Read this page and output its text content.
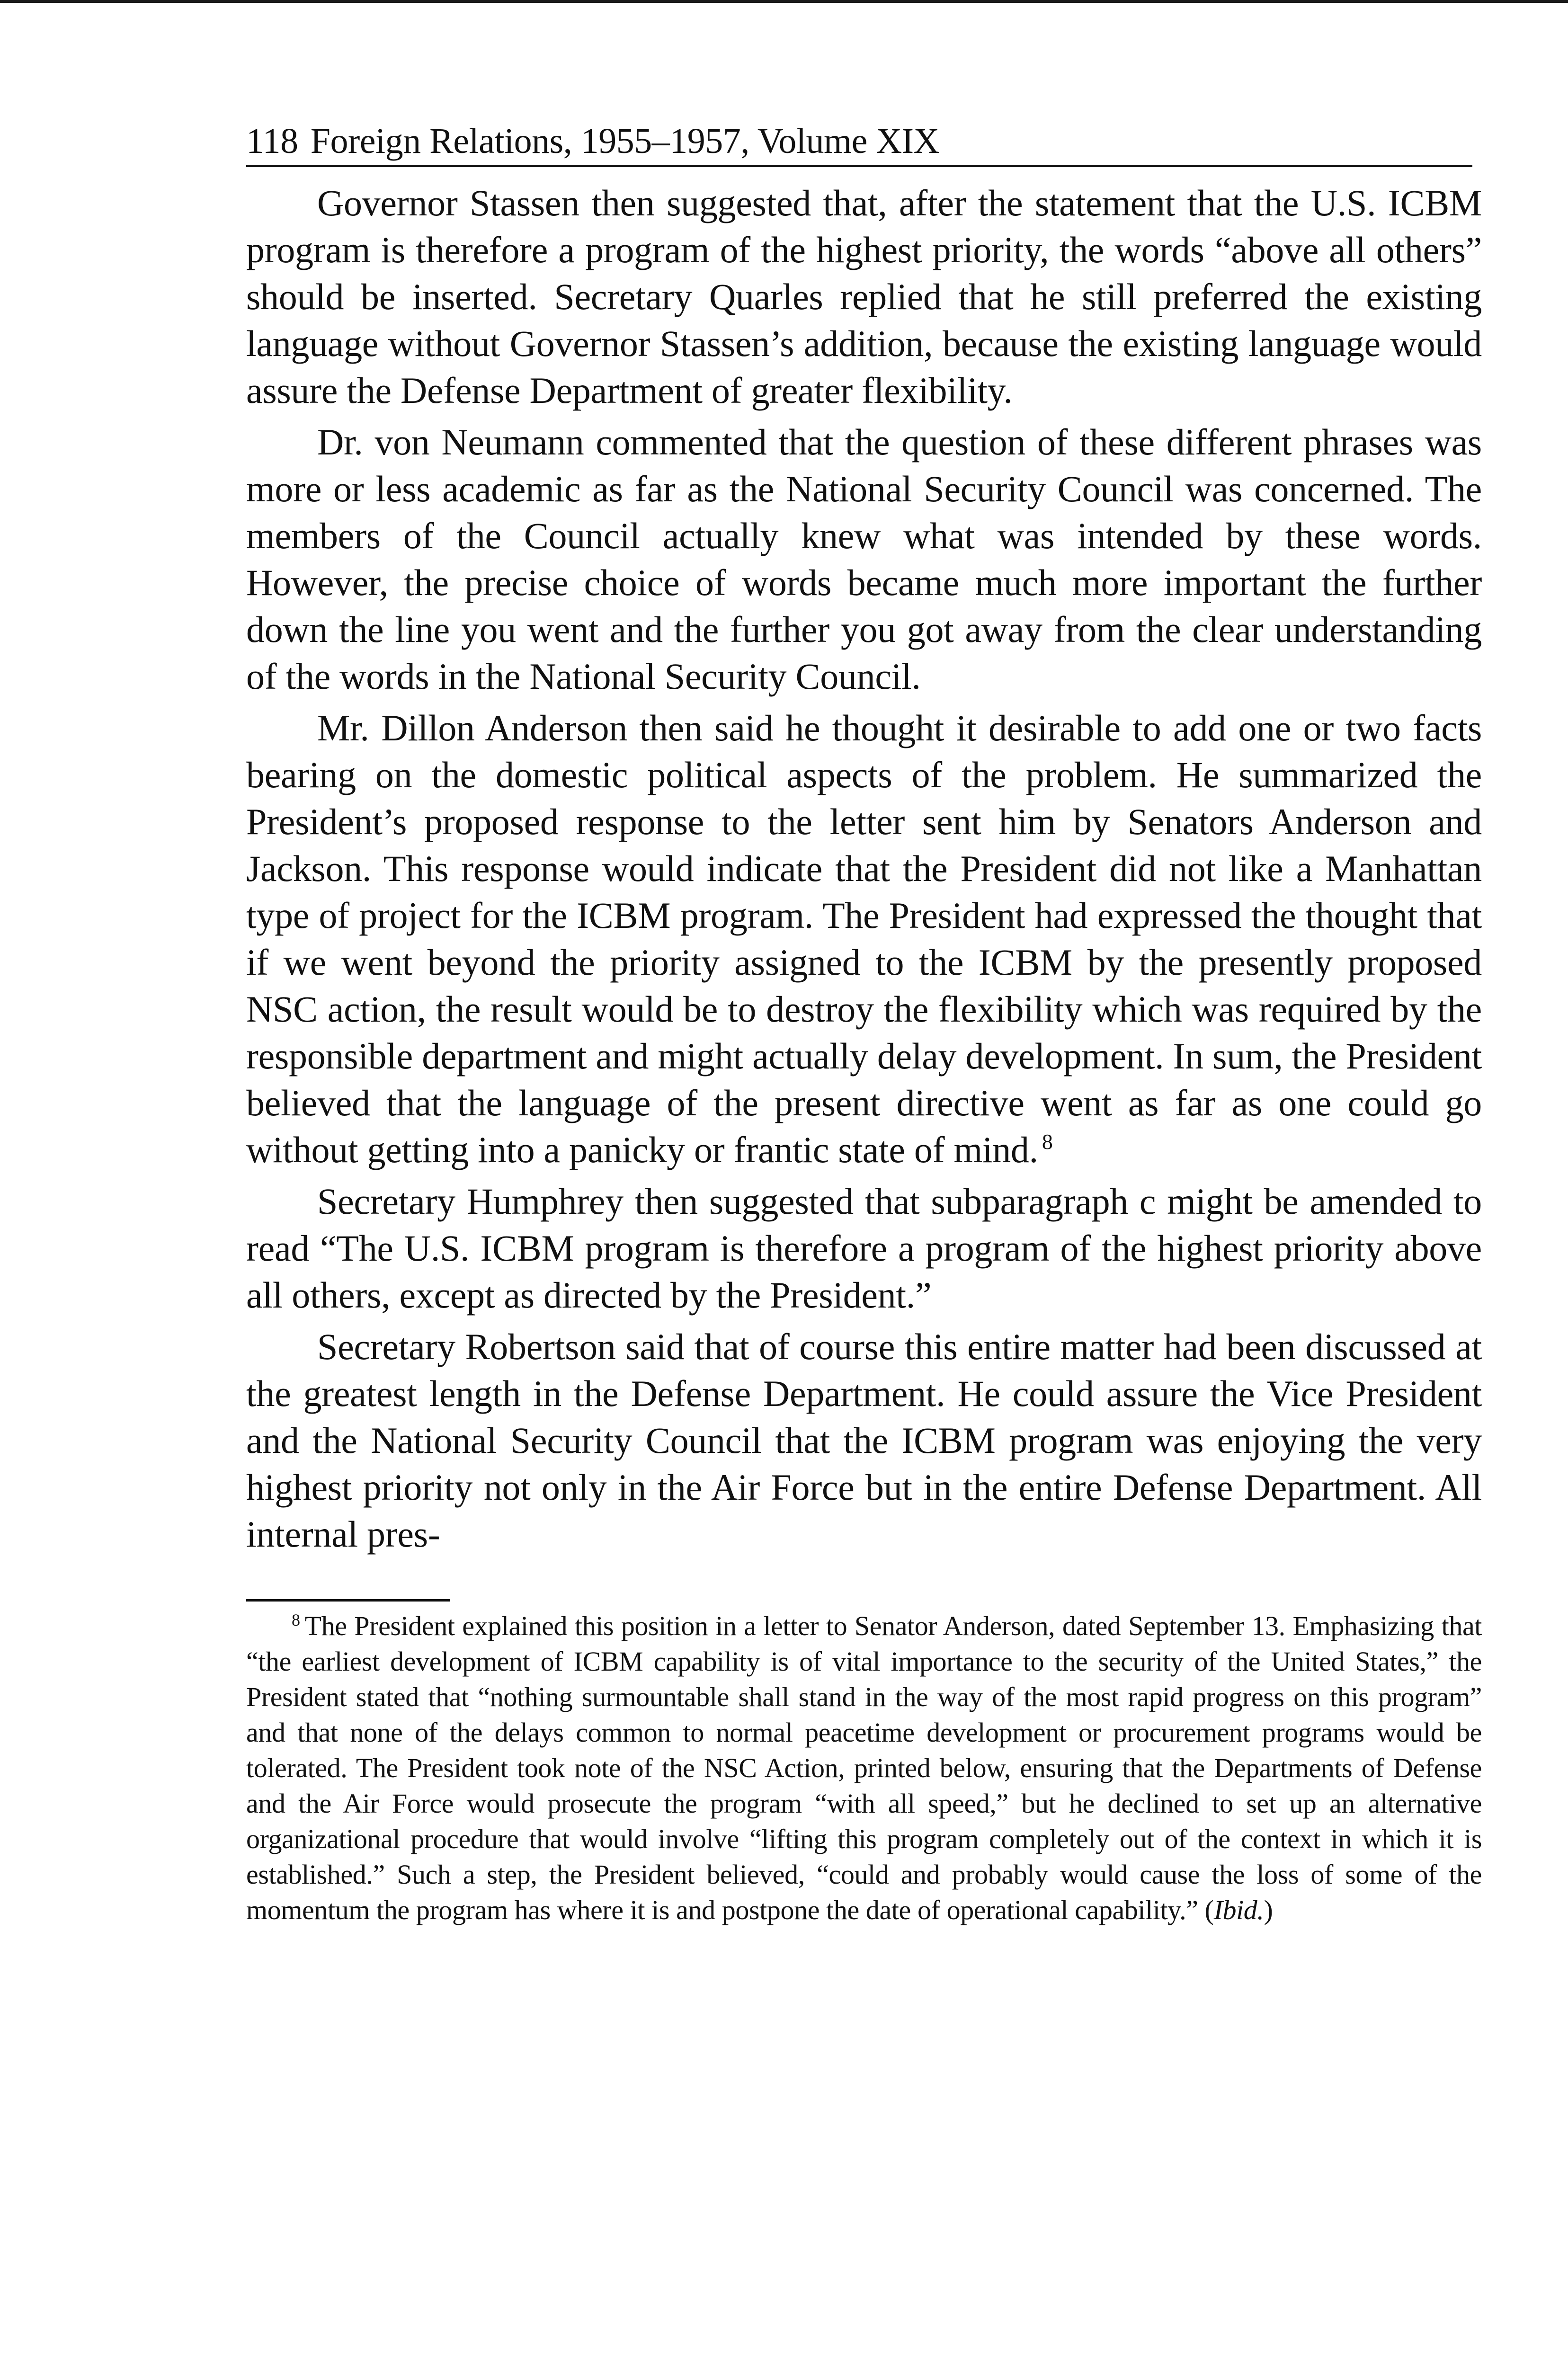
118 Foreign Relations, 1955–1957, Volume XIX

Governor Stassen then suggested that, after the statement that the U.S. ICBM program is therefore a program of the highest priority, the words “above all others” should be inserted. Secretary Quarles replied that he still preferred the existing language without Governor Stassen’s addition, because the existing language would assure the Defense Department of greater flexibility.

Dr. von Neumann commented that the question of these different phrases was more or less academic as far as the National Security Council was concerned. The members of the Council actually knew what was intended by these words. However, the precise choice of words became much more important the further down the line you went and the further you got away from the clear understanding of the words in the National Security Council.

Mr. Dillon Anderson then said he thought it desirable to add one or two facts bearing on the domestic political aspects of the problem. He summarized the President’s proposed response to the letter sent him by Senators Anderson and Jackson. This response would indicate that the President did not like a Manhattan type of project for the ICBM program. The President had expressed the thought that if we went beyond the priority assigned to the ICBM by the presently proposed NSC action, the result would be to destroy the flexibility which was required by the responsible department and might actually delay development. In sum, the President believed that the language of the present directive went as far as one could go without getting into a panicky or frantic state of mind. $^8$

Secretary Humphrey then suggested that subparagraph c might be amended to read “The U.S. ICBM program is therefore a program of the highest priority above all others, except as directed by the President.”

Secretary Robertson said that of course this entire matter had been discussed at the greatest length in the Defense Department. He could assure the Vice President and the National Security Council that the ICBM program was enjoying the very highest priority not only in the Air Force but in the entire Defense Department. All internal pres-

$^8$ The President explained this position in a letter to Senator Anderson, dated September 13. Emphasizing that “the earliest development of ICBM capability is of vital importance to the security of the United States,” the President stated that “nothing surmountable shall stand in the way of the most rapid progress on this program” and that none of the delays common to normal peacetime development or procurement programs would be tolerated. The President took note of the NSC Action, printed below, ensuring that the Departments of Defense and the Air Force would prosecute the program “with all speed,” but he declined to set up an alternative organizational procedure that would involve “lifting this program completely out of the context in which it is established.” Such a step, the President believed, “could and probably would cause the loss of some of the momentum the program has where it is and postpone the date of operational capability.” (Ibid.)
